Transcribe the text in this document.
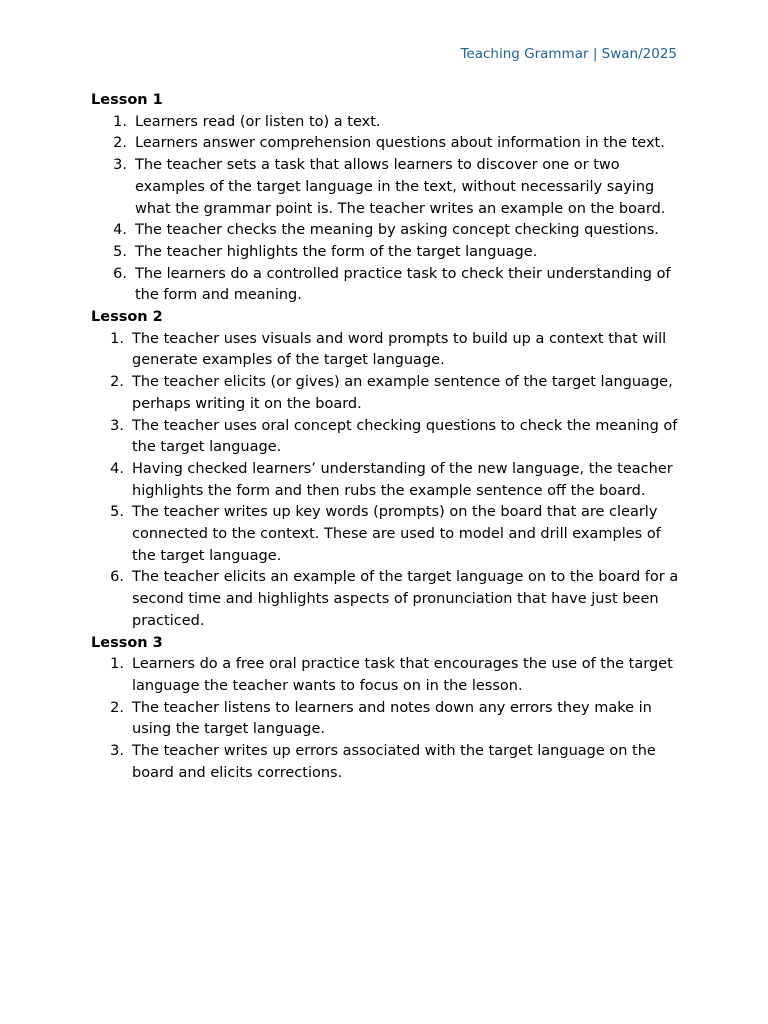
Teaching Grammar | Swan/2025
Lesson 1
1. Learners read (or listen to) a text.
2. Learners answer comprehension questions about information in the text.
3. The teacher sets a task that allows learners to discover one or two examples of the target language in the text, without necessarily saying what the grammar point is. The teacher writes an example on the board.
4. The teacher checks the meaning by asking concept checking questions.
5. The teacher highlights the form of the target language.
6. The learners do a controlled practice task to check their understanding of the form and meaning.
Lesson 2
1. The teacher uses visuals and word prompts to build up a context that will generate examples of the target language.
2. The teacher elicits (or gives) an example sentence of the target language, perhaps writing it on the board.
3. The teacher uses oral concept checking questions to check the meaning of the target language.
4. Having checked learners’ understanding of the new language, the teacher highlights the form and then rubs the example sentence off the board.
5. The teacher writes up key words (prompts) on the board that are clearly connected to the context. These are used to model and drill examples of the target language.
6. The teacher elicits an example of the target language on to the board for a second time and highlights aspects of pronunciation that have just been practiced.
Lesson 3
1. Learners do a free oral practice task that encourages the use of the target language the teacher wants to focus on in the lesson.
2. The teacher listens to learners and notes down any errors they make in using the target language.
3. The teacher writes up errors associated with the target language on the board and elicits corrections.
